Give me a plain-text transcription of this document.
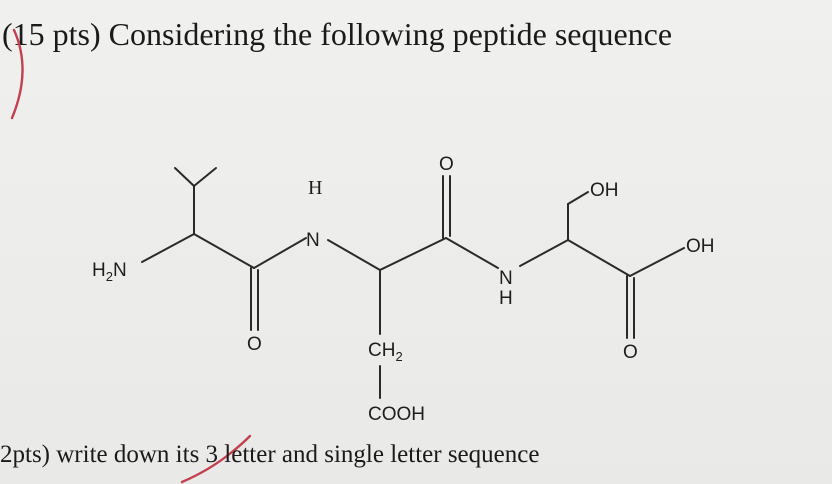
(15 pts) Considering the following peptide sequence
$H_2N$
H
N
O
O
O
N
H
$CH_2$
COOH
OH
OH
2pts) write down its 3 letter and single letter sequence
